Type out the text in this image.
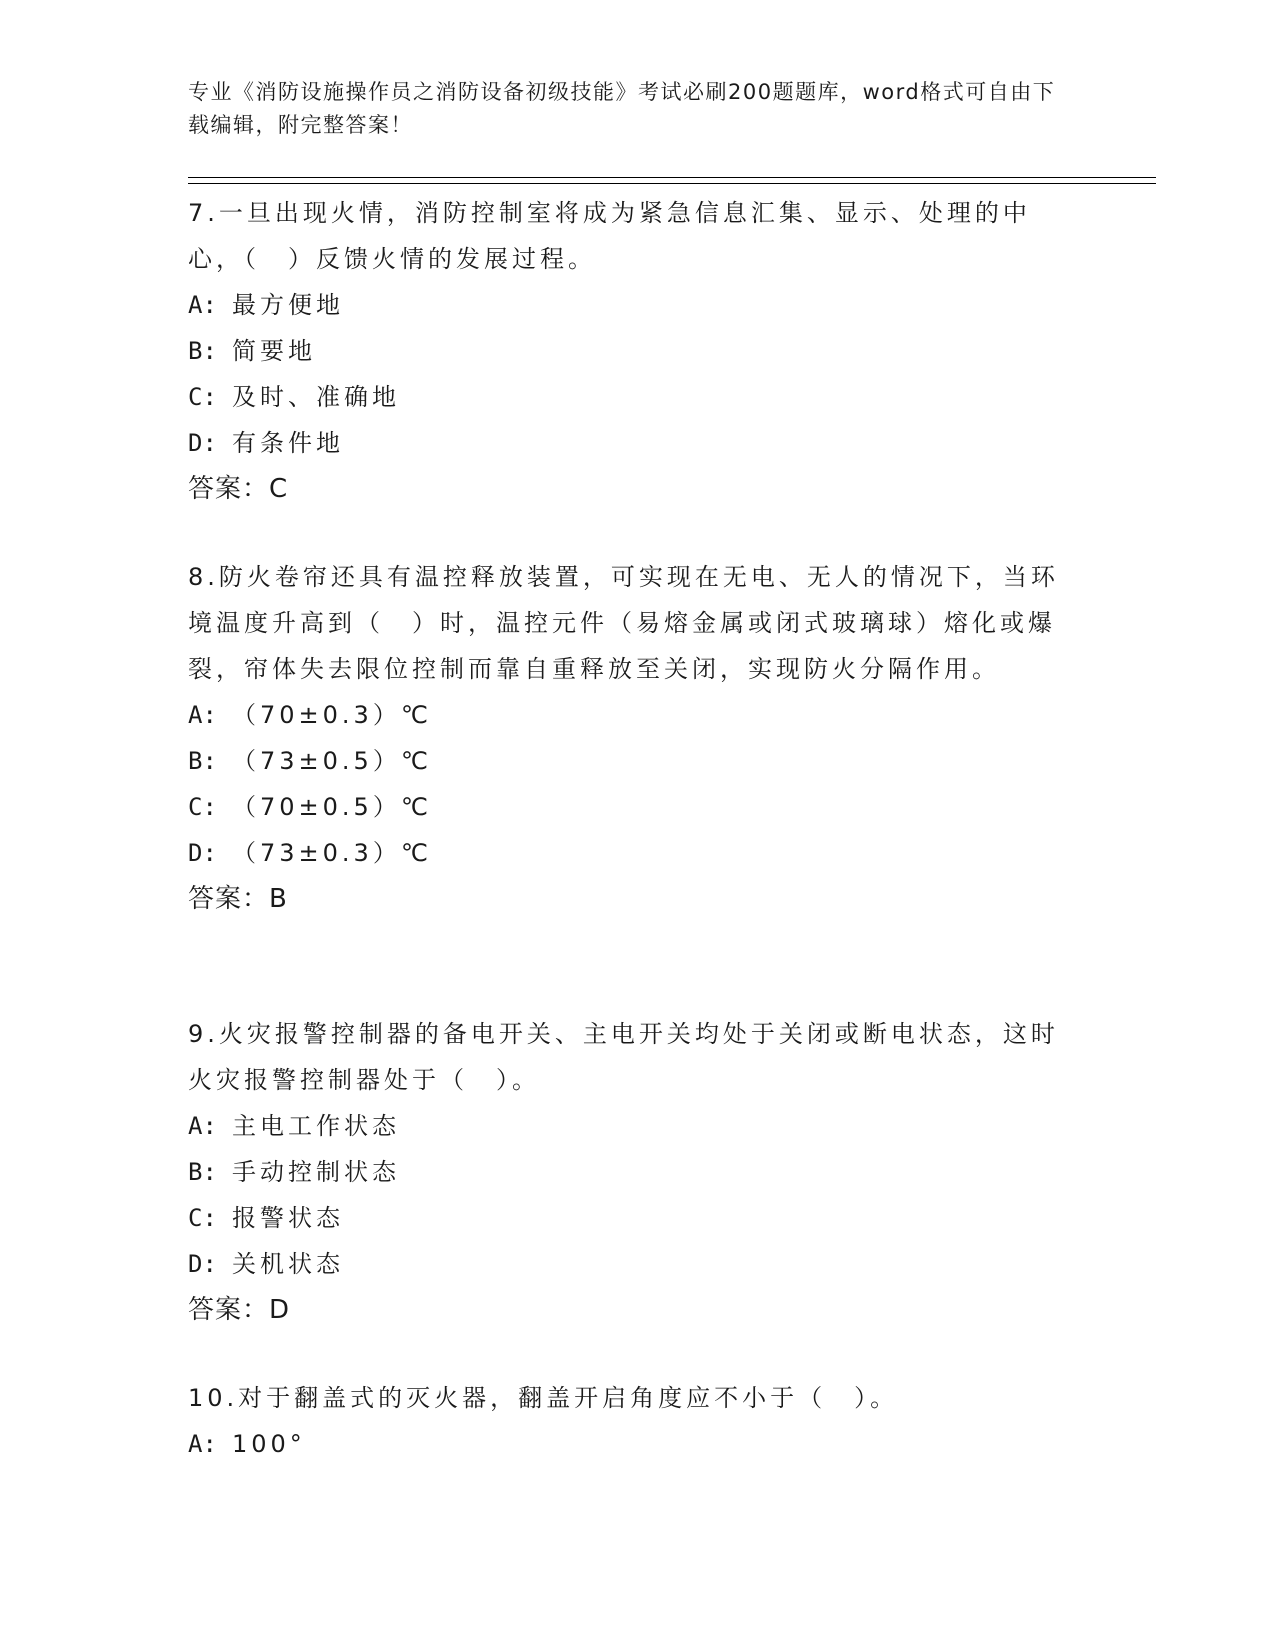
专业《消防设施操作员之消防设备初级技能》考试必刷200题题库，word格式可自由下载编辑，附完整答案！

7.一旦出现火情，消防控制室将成为紧急信息汇集、显示、处理的中心，（　）反馈火情的发展过程。

A: 最方便地

B: 简要地

C: 及时、准确地

D: 有条件地

答案：C

8.防火卷帘还具有温控释放装置，可实现在无电、无人的情况下，当环境温度升高到（　）时，温控元件（易熔金属或闭式玻璃球）熔化或爆裂，帘体失去限位控制而靠自重释放至关闭，实现防火分隔作用。

A: （70±0.3）℃

B: （73±0.5）℃

C: （70±0.5）℃

D: （73±0.3）℃

答案：B

9.火灾报警控制器的备电开关、主电开关均处于关闭或断电状态，这时火灾报警控制器处于（　）。

A: 主电工作状态

B: 手动控制状态

C: 报警状态

D: 关机状态

答案：D

10.对于翻盖式的灭火器，翻盖开启角度应不小于（　）。

A: 100°
